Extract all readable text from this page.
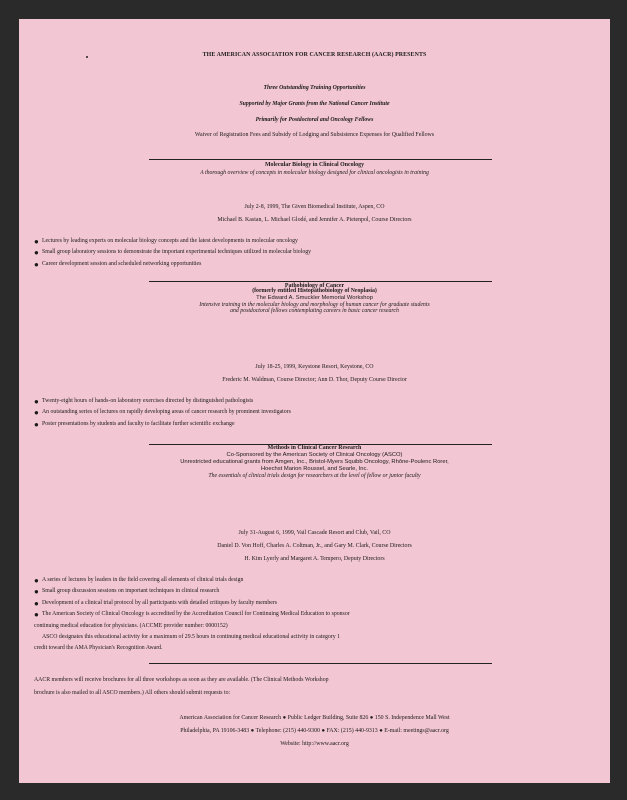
THE AMERICAN ASSOCIATION FOR CANCER RESEARCH (AACR) PRESENTS
Three Outstanding Training Opportunities
Supported by Major Grants from the National Cancer Institute
Primarily for Postdoctoral and Oncology Fellows
Waiver of Registration Fees and Subsidy of Lodging and Subsistence Expenses for Qualified Fellows
Molecular Biology in Clinical Oncology
A thorough overview of concepts in molecular biology designed for clinical oncologists in training
July 2-8, 1999, The Given Biomedical Institute, Aspen, CO
Michael B. Kastan, L. Michael Glodé, and Jennifer A. Pietenpol, Course Directors
● Lectures by leading experts on molecular biology concepts and the latest developments in molecular oncology
● Small group laboratory sessions to demonstrate the important experimental techniques utilized in molecular biology
● Career development session and scheduled networking opportunities
Pathobiology of Cancer
(formerly entitled Histopathobiology of Neoplasia)
The Edward A. Smuckler Memorial Workshop
Intensive training in the molecular biology and morphology of human cancer for graduate students
and postdoctoral fellows contemplating careers in basic cancer research
July 18-25, 1999, Keystone Resort, Keystone, CO
Frederic M. Waldman, Course Director; Ann D. Thor, Deputy Course Director
● Twenty-eight hours of hands-on laboratory exercises directed by distinguished pathologists
● An outstanding series of lectures on rapidly developing areas of cancer research by prominent investigators
● Poster presentations by students and faculty to facilitate further scientific exchange
Methods in Clinical Cancer Research
Co-Sponsored by the American Society of Clinical Oncology (ASCO)
Unrestricted educational grants from Amgen, Inc., Bristol-Myers Squibb Oncology, Rhône-Poulenc Rorer,
Hoechst Marion Roussel, and Searle, Inc.
The essentials of clinical trials design for researchers at the level of fellow or junior faculty
July 31-August 6, 1999, Vail Cascade Resort and Club, Vail, CO
Daniel D. Von Hoff, Charles A. Coltman, Jr., and Gary M. Clark, Course Directors
H. Kim Lyerly and Margaret A. Tempero, Deputy Directors
● A series of lectures by leaders in the field covering all elements of clinical trials design
● Small group discussion sessions on important techniques in clinical research
● Development of a clinical trial protocol by all participants with detailed critiques by faculty members
● The American Society of Clinical Oncology is accredited by the Accreditation Council for Continuing Medical Education to sponsor
continuing medical education for physicians. (ACCME provider number: 0000152)
ASCO designates this educational activity for a maximum of 29.5 hours in continuing medical educational activity in category 1
credit toward the AMA Physician's Recognition Award.
AACR members will receive brochures for all three workshops as soon as they are available. (The Clinical Methods Workshop
brochure is also mailed to all ASCO members.) All others should submit requests to:
American Association for Cancer Research ● Public Ledger Building, Suite 826 ● 150 S. Independence Mall West
Philadelphia, PA 19106-3483 ● Telephone: (215) 440-9300 ● FAX: (215) 440-9313 ● E-mail: meetings@aacr.org
Website: http://www.aacr.org
